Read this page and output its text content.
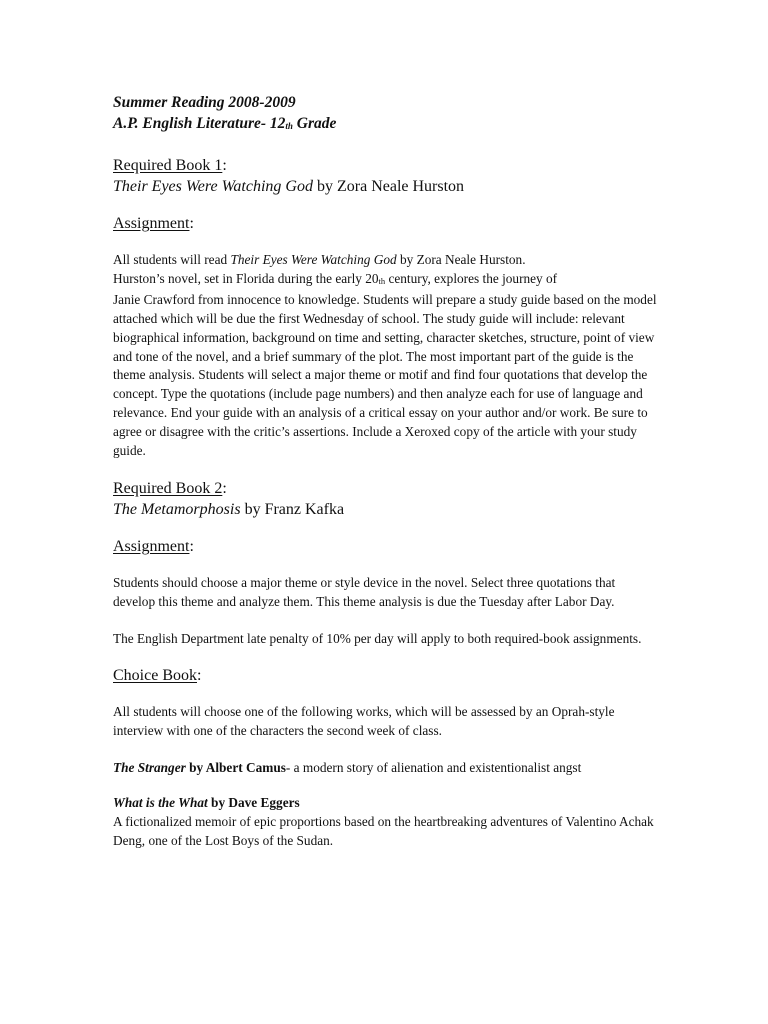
Summer Reading 2008-2009

A.P. English Literature- 12th Grade

Required Book 1:

Their Eyes Were Watching God by Zora Neale Hurston

Assignment:

All students will read Their Eyes Were Watching God by Zora Neale Hurston.
Hurston’s novel, set in Florida during the early 20th century, explores the journey of
Janie Crawford from innocence to knowledge. Students will prepare a study guide based on the model attached which will be due the first Wednesday of school. The study guide will include: relevant biographical information, background on time and setting, character sketches, structure, point of view and tone of the novel, and a brief summary of the plot. The most important part of the guide is the theme analysis. Students will select a major theme or motif and find four quotations that develop the concept. Type the quotations (include page numbers) and then analyze each for use of language and relevance. End your guide with an analysis of a critical essay on your author and/or work. Be sure to agree or disagree with the critic’s assertions. Include a Xeroxed copy of the article with your study guide.

Required Book 2:

The Metamorphosis by Franz Kafka

Assignment:

Students should choose a major theme or style device in the novel. Select three quotations that develop this theme and analyze them. This theme analysis is due the Tuesday after Labor Day.

The English Department late penalty of 10% per day will apply to both required-book assignments.

Choice Book:

All students will choose one of the following works, which will be assessed by an Oprah-style interview with one of the characters the second week of class.

The Stranger by Albert Camus- a modern story of alienation and existentionalist angst

What is the What by Dave Eggers
A fictionalized memoir of epic proportions based on the heartbreaking adventures of Valentino Achak Deng, one of the Lost Boys of the Sudan.
